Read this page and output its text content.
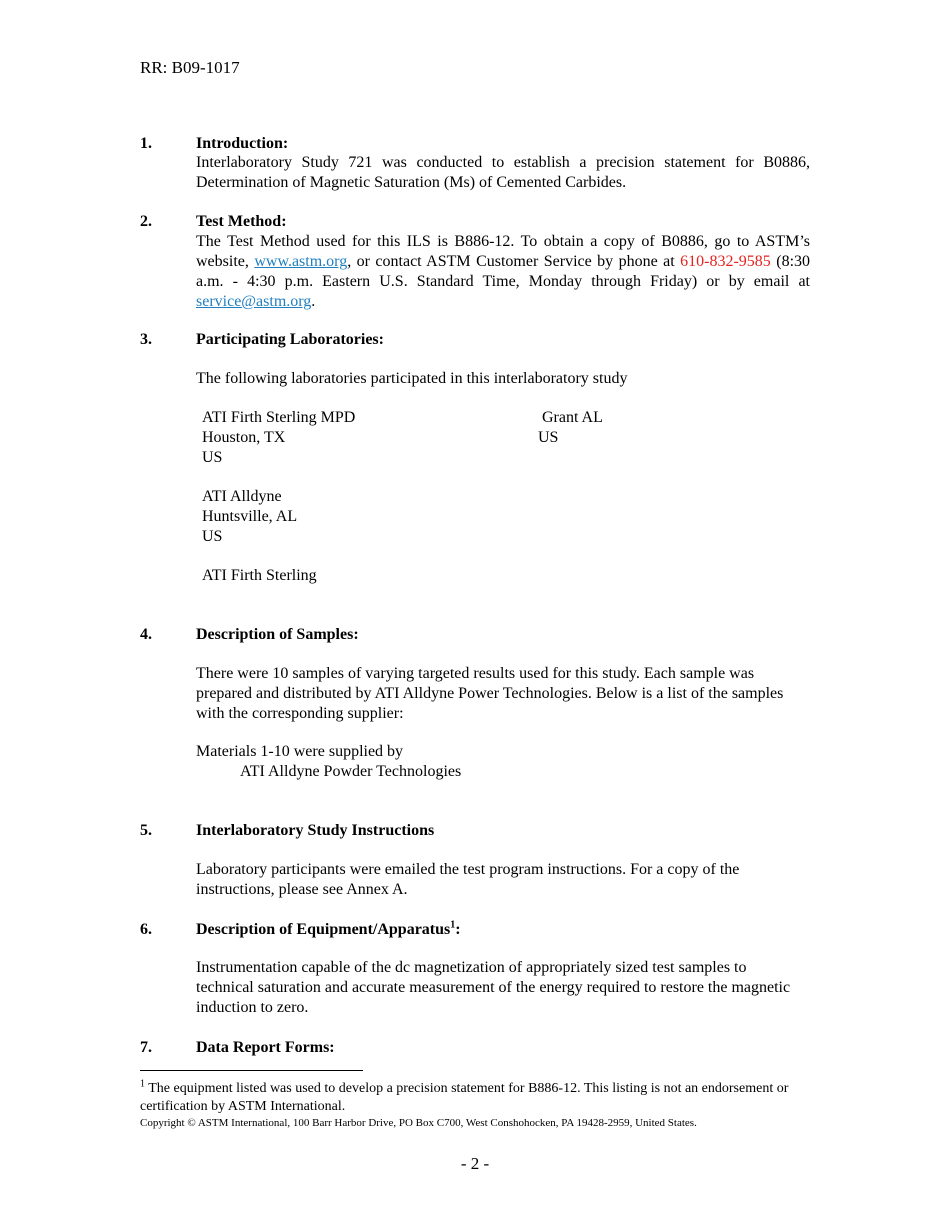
RR: B09-1017
1.	Introduction:
Interlaboratory Study 721 was conducted to establish a precision statement for B0886, Determination of Magnetic Saturation (Ms) of Cemented Carbides.
2.	Test Method:
The Test Method used for this ILS is B886-12. To obtain a copy of B0886, go to ASTM’s website, www.astm.org, or contact ASTM Customer Service by phone at 610-832-9585 (8:30 a.m. - 4:30 p.m. Eastern U.S. Standard Time, Monday through Friday) or by email at service@astm.org.
3.	Participating Laboratories:
The following laboratories participated in this interlaboratory study
ATI Firth Sterling MPD
Houston, TX
US
Grant AL
US
ATI Alldyne
Huntsville, AL
US
ATI Firth Sterling
4.	Description of Samples:
There were 10 samples of varying targeted results used for this study. Each sample was prepared and distributed by ATI Alldyne Power Technologies. Below is a list of the samples with the corresponding supplier:
Materials 1-10 were supplied by
ATI Alldyne Powder Technologies
5.	Interlaboratory Study Instructions
Laboratory participants were emailed the test program instructions. For a copy of the instructions, please see Annex A.
6.	Description of Equipment/Apparatus$^1$:
Instrumentation capable of the dc magnetization of appropriately sized test samples to technical saturation and accurate measurement of the energy required to restore the magnetic induction to zero.
7.	Data Report Forms:
$^1$ The equipment listed was used to develop a precision statement for B886-12. This listing is not an endorsement or certification by ASTM International.
Copyright © ASTM International, 100 Barr Harbor Drive, PO Box C700, West Conshohocken, PA 19428-2959, United States.
- 2 -
